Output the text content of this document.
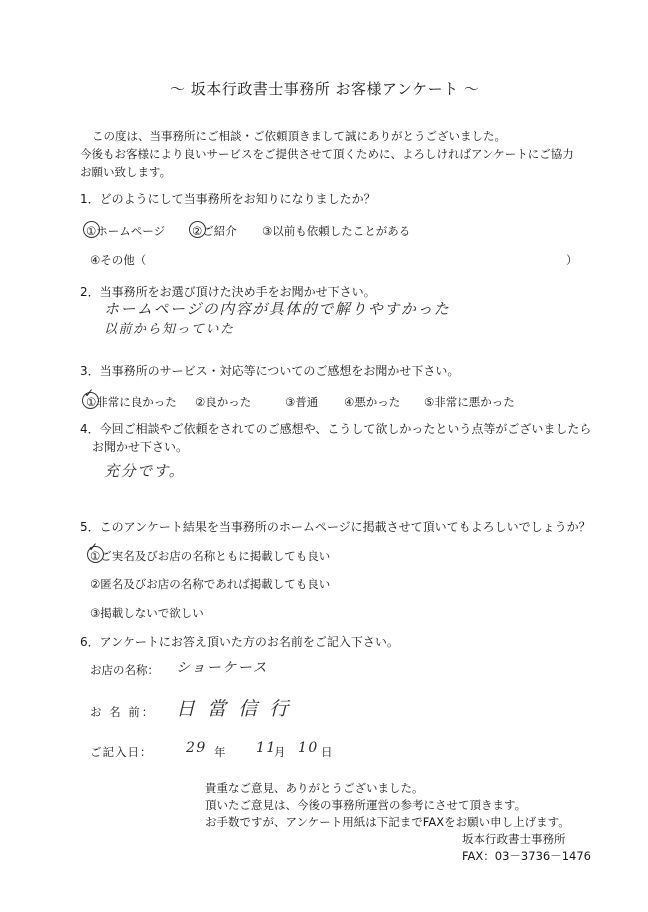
～ 坂本行政書士事務所 お客様アンケート ～
この度は、当事務所にご相談・ご依頼頂きまして誠にありがとうございました。
今後もお客様により良いサービスをご提供させて頂くために、よろしければアンケートにご協力
お願い致します。
1．どのようにして当事務所をお知りになりましたか？
①ホームページ ②ご紹介 ③以前も依頼したことがある
④その他（	）
2．当事務所をお選び頂けた決め手をお聞かせ下さい。
ホームページの内容が具体的で解りやすかった
以前から知っていた
3．当事務所のサービス・対応等についてのご感想をお聞かせ下さい。
①非常に良かった
✓
②良かった	③普通 ④悪かった ⑤非常に悪かった
4．今回ご相談やご依頼をされてのご感想や、こうして欲しかったという点等がございましたら
お聞かせ下さい。
充分です。
5．このアンケート結果を当事務所のホームページに掲載させて頂いてもよろしいでしょうか？
①ご実名及びお店の名称ともに掲載しても良い
✓
②匿名及びお店の名称であれば掲載しても良い
③掲載しないで欲しい
6．アンケートにお答え頂いた方のお名前をご記入下さい。
お店の名称： ショーケース
お 名 前： 日 當 信 行
ご記入日： 29 年 11
月 10 日
貴重なご意見、ありがとうございました。
頂いたご意見は、今後の事務所運営の参考にさせて頂きます。
お手数ですが、アンケート用紙は下記までFAXをお願い申し上げます。
坂本行政書士事務所
FAX：03－3736－1476
